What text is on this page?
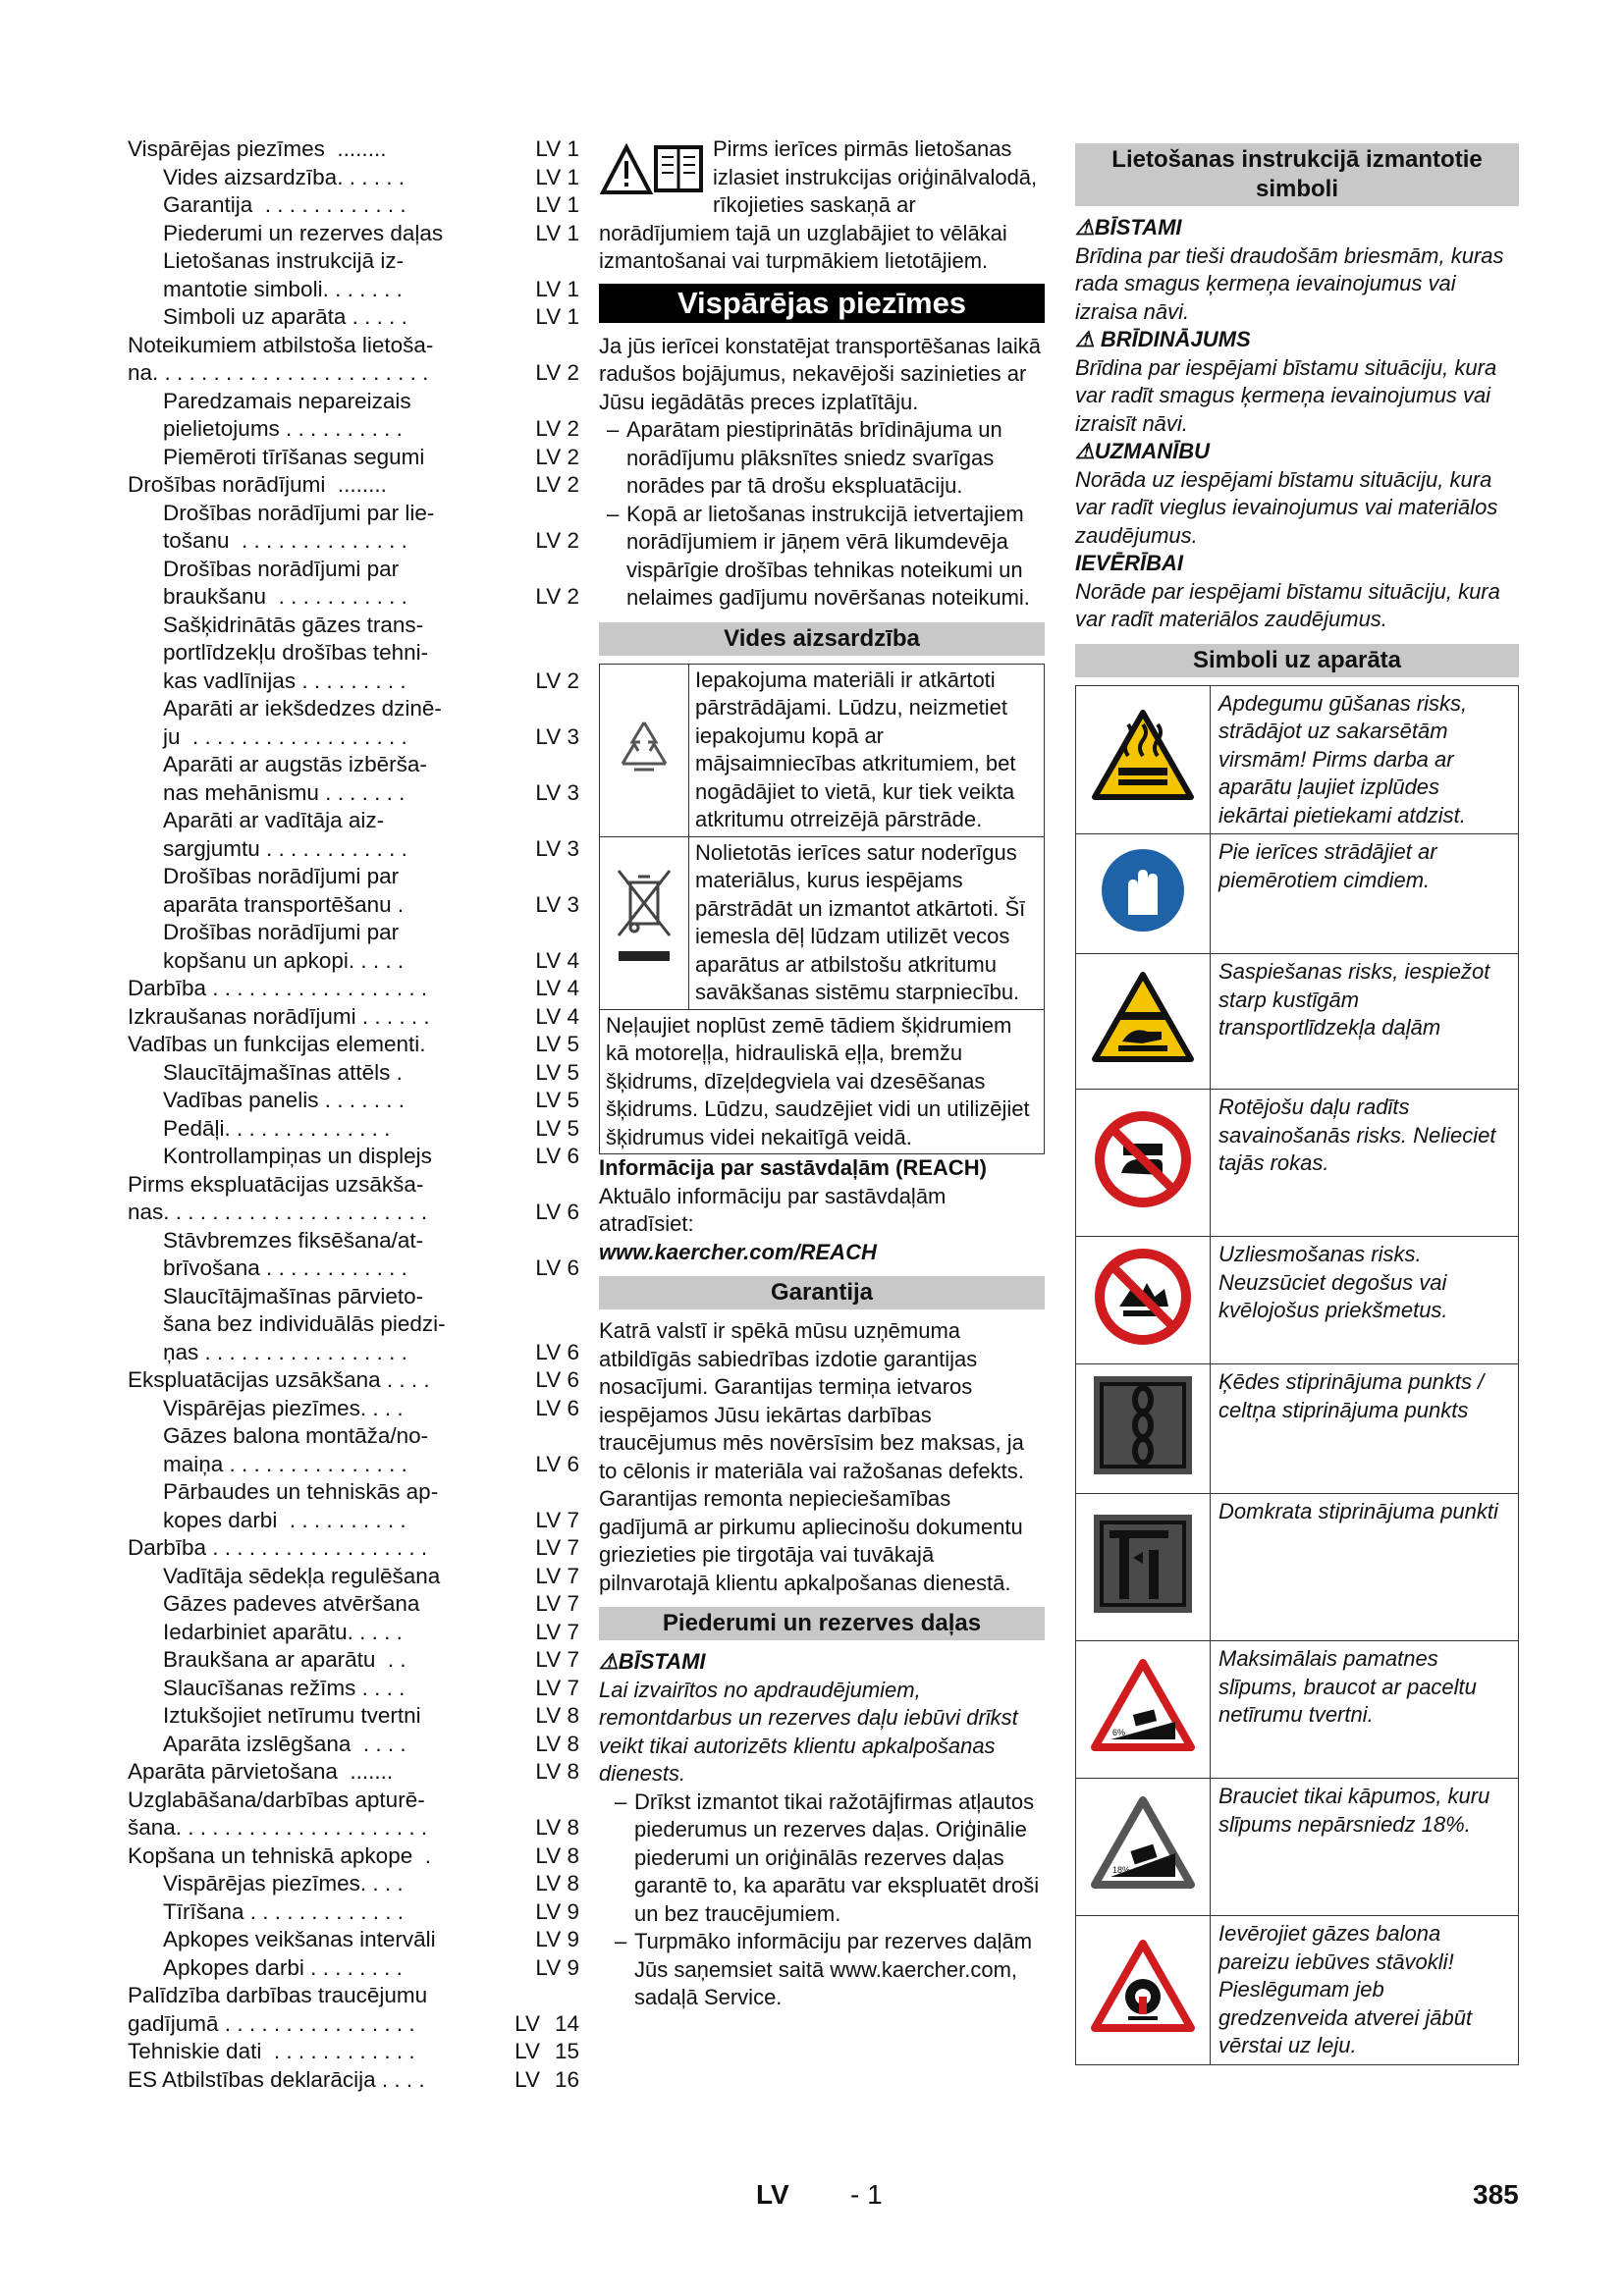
Vispārējas piezīmes  ........	LV 1
Vides aizsardzība. . . . . .	LV 1
Garantija  . . . . . . . . . . . .	LV 1
Piederumi un rezerves daļas	LV 1
Lietošanas instrukcijā iz-
mantotie simboli. . . . . . .	LV 1
Simboli uz aparāta . . . . .	LV 1
Noteikumiem atbilstoša lietoša-
na. . . . . . . . . . . . . . . . . . . . . . .	LV 2
Paredzamais nepareizais
pielietojums . . . . . . . . . .	LV 2
Piemēroti tīrīšanas segumi	LV 2
Drošības norādījumi  ........	LV 2
Drošības norādījumi par lie-
tošanu  . . . . . . . . . . . . . .	LV 2
Drošības norādījumi par
braukšanu  . . . . . . . . . . .	LV 2
Sašķidrinātās gāzes trans-
portlīdzekļu drošības tehni-
kas vadlīnijas . . . . . . . . .	LV 2
Aparāti ar iekšdedzes dzinē-
ju  . . . . . . . . . . . . . . . . . .	LV 3
Aparāti ar augstās izbērša-
nas mehānismu . . . . . . .	LV 3
Aparāti ar vadītāja aiz-
sargjumtu . . . . . . . . . . . .	LV 3
Drošības norādījumi par
aparāta transportēšanu .	LV 3
Drošības norādījumi par
kopšanu un apkopi. . . . .	LV 4
Darbība . . . . . . . . . . . . . . . . . .	LV 4
Izkraušanas norādījumi . . . . . .	LV 4
Vadības un funkcijas elementi.	LV 5
Slaucītājmašīnas attēls .	LV 5
Vadības panelis . . . . . . .	LV 5
Pedāļi. . . . . . . . . . . . . .	LV 5
Kontrollampiņas un displejs	LV 6
Pirms ekspluatācijas uzsākša-
nas. . . . . . . . . . . . . . . . . . . . . .	LV 6
Stāvbremzes fiksēšana/at-
brīvošana . . . . . . . . . . . .	LV 6
Slaucītājmašīnas pārvieto-
šana bez individuālās piedzi-
ņas . . . . . . . . . . . . . . . . .	LV 6
Ekspluatācijas uzsākšana . . . .	LV 6
Vispārējas piezīmes. . . .	LV 6
Gāzes balona montāža/no-
maiņa . . . . . . . . . . . . . . .	LV 6
Pārbaudes un tehniskās ap-
kopes darbi  . . . . . . . . . .	LV 7
Darbība . . . . . . . . . . . . . . . . . .	LV 7
Vadītāja sēdekļa regulēšana	LV 7
Gāzes padeves atvēršana	LV 7
Iedarbiniet aparātu. . . . .	LV 7
Braukšana ar aparātu  . .	LV 7
Slaucīšanas režīms . . . .	LV 7
Iztukšojiet netīrumu tvertni	LV 8
Aparāta izslēgšana  . . . .	LV 8
Aparāta pārvietošana  .......	LV 8
Uzglabāšana/darbības apturē-
šana. . . . . . . . . . . . . . . . . . . . .	LV 8
Kopšana un tehniskā apkope  .	LV 8
Vispārējas piezīmes. . . .	LV 8
Tīrīšana . . . . . . . . . . . . .	LV 9
Apkopes veikšanas intervāli	LV 9
Apkopes darbi . . . . . . . .	LV 9
Palīdzība darbības traucējumu
gadījumā . . . . . . . . . . . . . . . .	LV 14
Tehniskie dati  . . . . . . . . . . . .	LV 15
ES Atbilstības deklarācija . . . .	LV 16
Pirms ierīces pirmās lietošanas izlasiet instrukcijas oriģinālvalodā, rīkojieties saskaņā ar norādījumiem tajā un uzglabājiet to vēlākai izmantošanai vai turpmākiem lietotājiem.
Vispārējas piezīmes
Ja jūs ierīcei konstatējat transportēšanas laikā radušos bojājumus, nekavējoši sazinieties ar Jūsu iegādātās preces izplatītāju.
– Aparātam piestiprinātās brīdinājuma un norādījumu plāksnītes sniedz svarīgas norādes par tā drošu ekspluatāciju.
– Kopā ar lietošanas instrukcijā ietvertajiem norādījumiem ir jāņem vērā likumdevēja vispārīgie drošības tehnikas noteikumi un nelaimes gadījumu novēršanas noteikumi.
Vides aizsardzība
	Iepakojuma materiāli ir atkārtoti pārstrādājami. Lūdzu, neizmetiet iepakojumu kopā ar mājsaimniecības atkritumiem, bet nogādājiet to vietā, kur tiek veikta atkritumu otrreizējā pārstrāde.
	Nolietotās ierīces satur noderīgus materiālus, kurus iespējams pārstrādāt un izmantot atkārtoti. Šī iemesla dēļ lūdzam utilizēt vecos aparātus ar atbilstošu atkritumu savākšanas sistēmu starpniecību.
Neļaujiet noplūst zemē tādiem šķidrumiem kā motoreļļa, hidrauliskā eļļa, bremžu šķidrums, dīzeļdegviela vai dzesēšanas šķidrums. Lūdzu, saudzējiet vidi un utilizējiet šķidrumus videi nekaitīgā veidā.	
Informācija par sastāvdaļām (REACH)
Aktuālo informāciju par sastāvdaļām atradīsiet:
www.kaercher.com/REACH
Garantija
Katrā valstī ir spēkā mūsu uzņēmuma atbildīgās sabiedrības izdotie garantijas nosacījumi. Garantijas termiņa ietvaros iespējamos Jūsu iekārtas darbības traucējumus mēs novērsīsim bez maksas, ja to cēlonis ir materiāla vai ražošanas defekts. Garantijas remonta nepieciešamības gadījumā ar pirkumu apliecinošu dokumentu griezieties pie tirgotāja vai tuvākajā pilnvarotajā klientu apkalpošanas dienestā.
Piederumi un rezerves daļas
⚠BĪSTAMI
Lai izvairītos no apdraudējumiem, remontdarbus un rezerves daļu iebūvi drīkst veikt tikai autorizēts klientu apkalpošanas dienests.
– Drīkst izmantot tikai ražotājfirmas atļautos piederumus un rezerves daļas. Oriģinālie piederumi un oriģinālās rezerves daļas garantē to, ka aparātu var ekspluatēt droši un bez traucējumiem.
– Turpmāko informāciju par rezerves daļām Jūs saņemsiet saitā www.kaercher.com, sadaļā Service.
Lietošanas instrukcijā izmantotie simboli
⚠BĪSTAMI
Brīdina par tieši draudošām briesmām, kuras rada smagus ķermeņa ievainojumus vai izraisa nāvi.
⚠ BRĪDINĀJUMS
Brīdina par iespējami bīstamu situāciju, kura var radīt smagus ķermeņa ievainojumus vai izraisīt nāvi.
⚠UZMANĪBU
Norāda uz iespējami bīstamu situāciju, kura var radīt vieglus ievainojumus vai materiālos zaudējumus.
IEVĒRĪBAI
Norāde par iespējami bīstamu situāciju, kura var radīt materiālos zaudējumus.
Simboli uz aparāta
	Apdegumu gūšanas risks, strādājot uz sakarsētām virsmām! Pirms darba ar aparātu ļaujiet izplūdes iekārtai pietiekami atdzist.
	Pie ierīces strādājiet ar piemērotiem cimdiem.
	Saspiešanas risks, iespiežot starp kustīgām transportlīdzekļa daļām
	Rotējošu daļu radīts savainošanās risks. Nelieciet tajās rokas.
	Uzliesmošanas risks. Neuzsūciet degošus vai kvēlojošus priekšmetus.
	Ķēdes stiprinājuma punkts / celtņa stiprinājuma punkts
	Domkrata stiprinājuma punkti

6%	Maksimālais pamatnes slīpums, braucot ar paceltu netīrumu tvertni.

18%	Brauciet tikai kāpumos, kuru slīpums nepārsniedz 18%.
	Ievērojiet gāzes balona pareizu iebūves stāvokli! Pieslēgumam jeb gredzenveida atverei jābūt vērstai uz leju.
LV - 1	385
